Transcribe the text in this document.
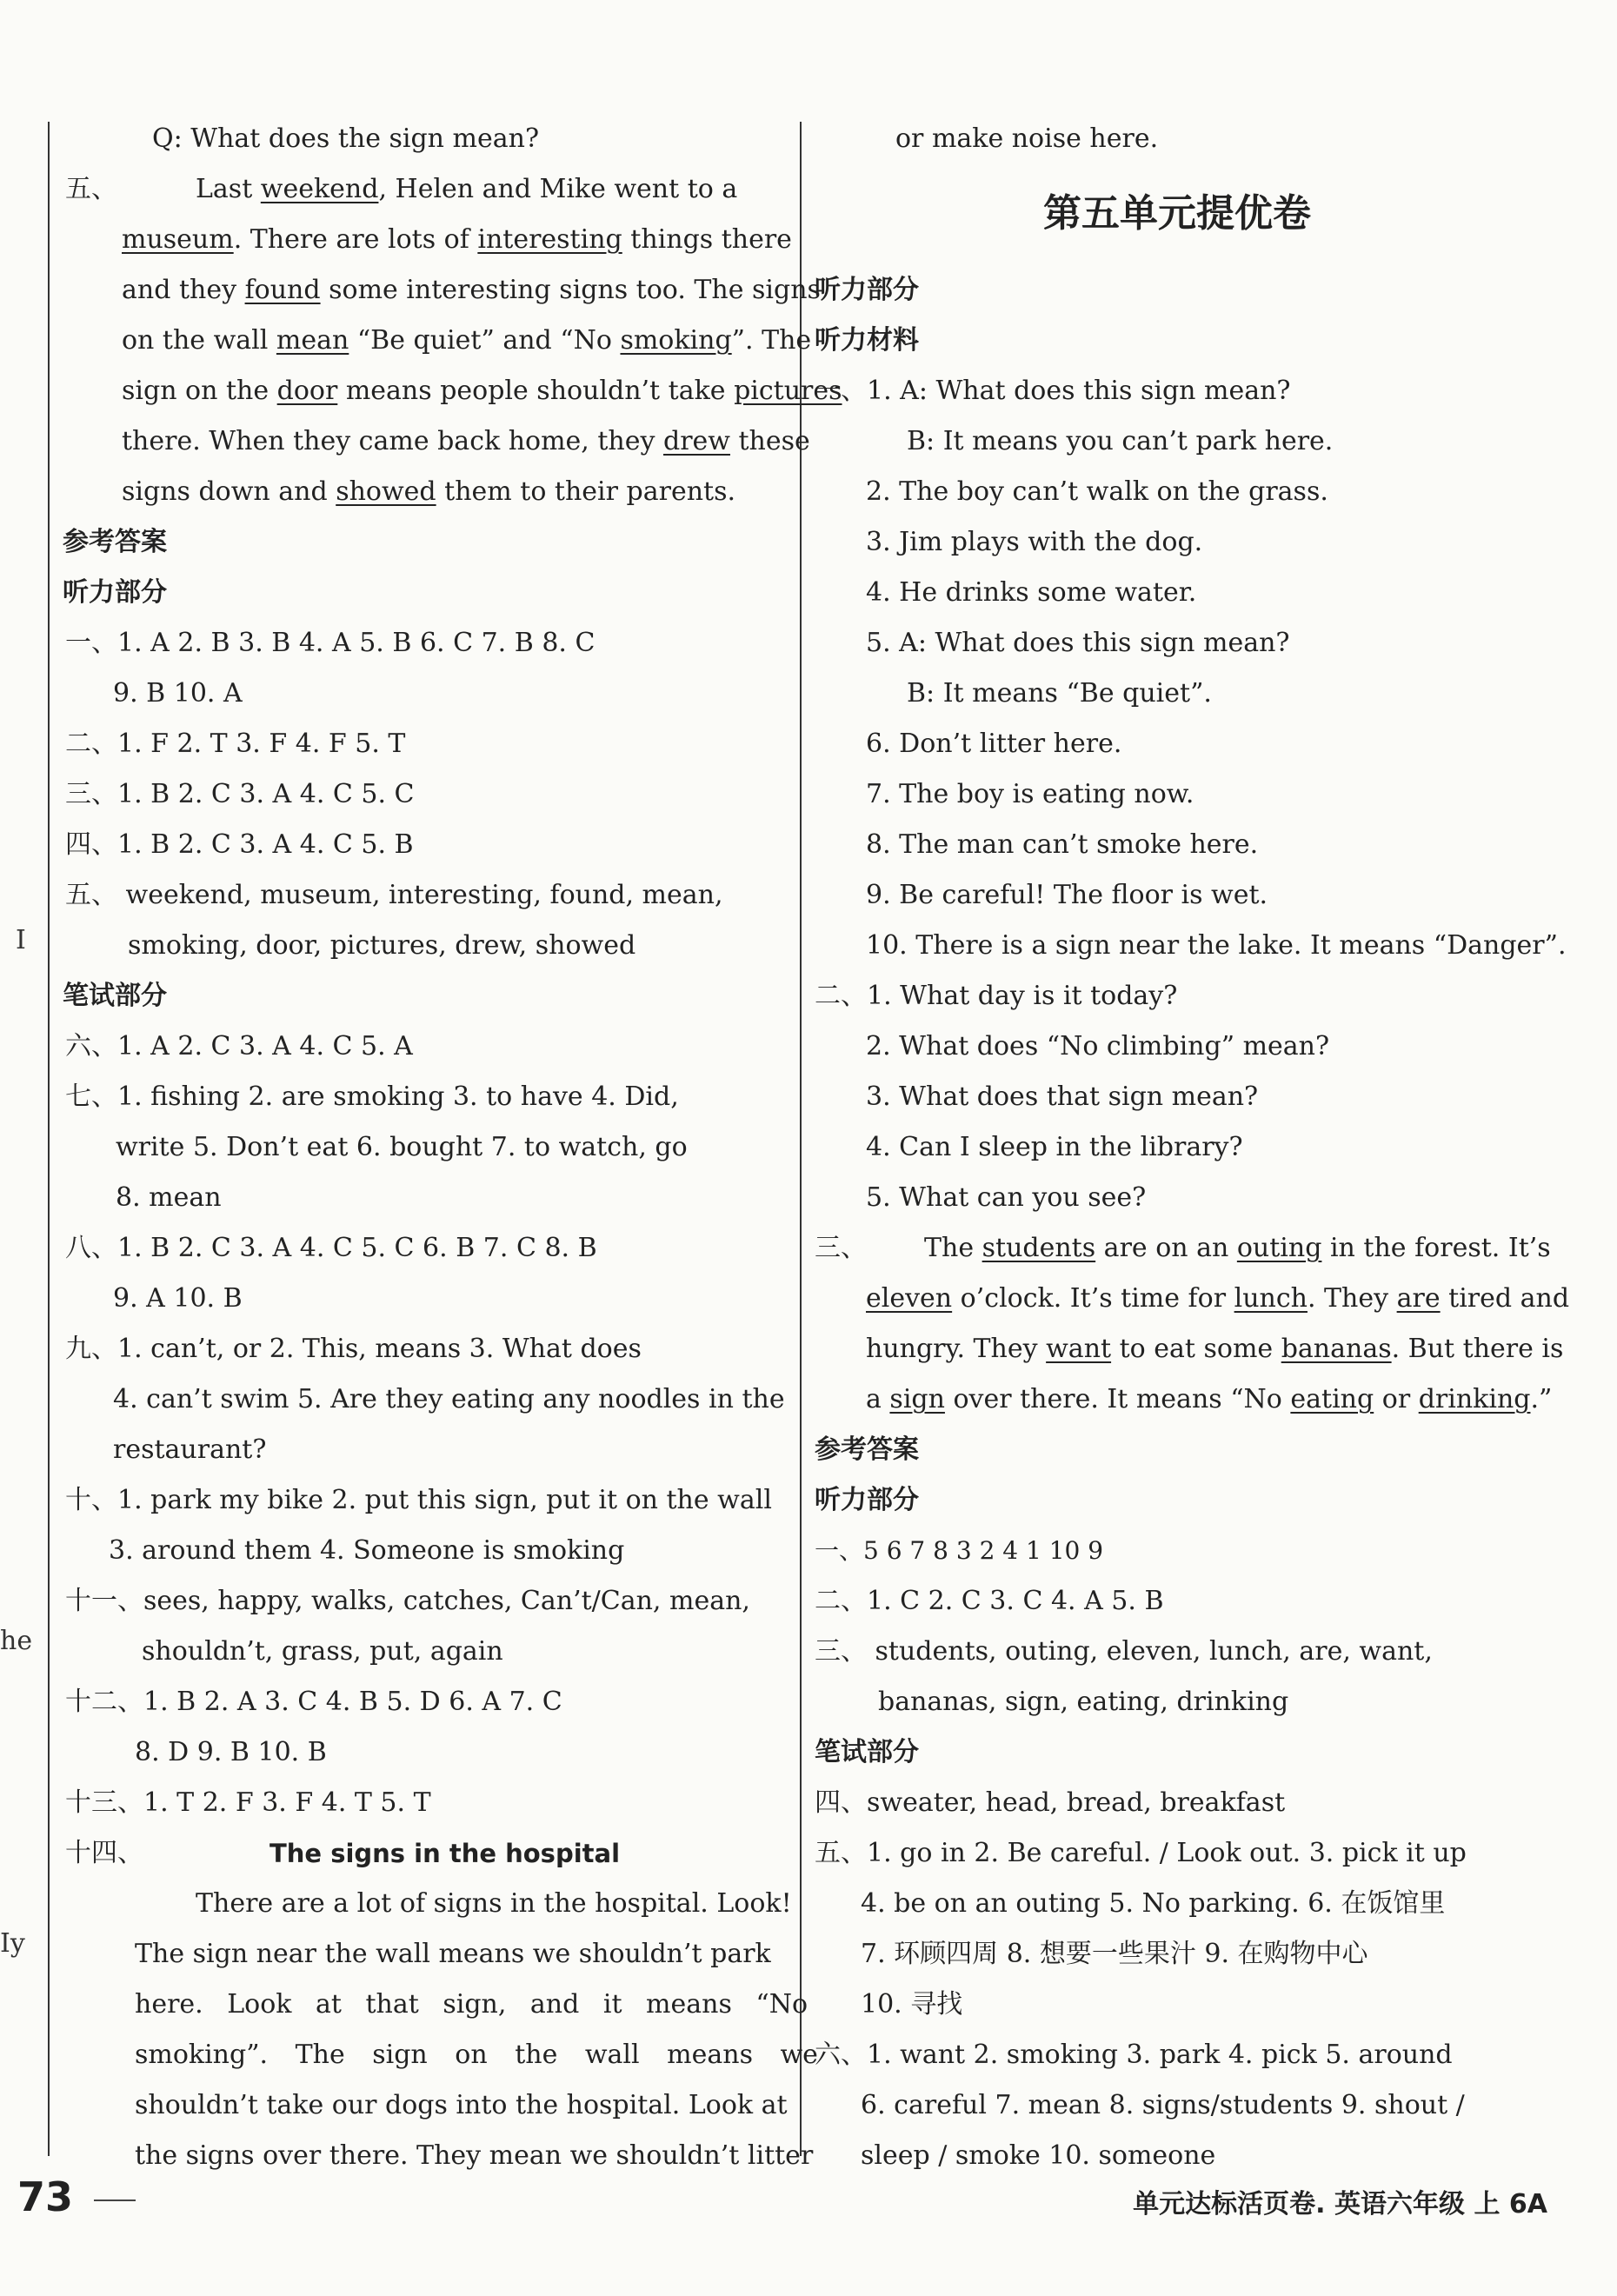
I
he
Iy
Q: What does the sign mean?
五、	Last weekend, Helen and Mike went to a
museum. There are lots of interesting things there
and they found some interesting signs too. The signs
on the wall mean “Be quiet” and “No smoking”. The
sign on the door means people shouldn’t take pictures
there. When they came back home, they drew these
signs down and showed them to their parents.
参考答案
听力部分
一、1. A 2. B 3. B 4. A 5. B 6. C 7. B 8. C
9. B 10. A
二、1. F 2. T 3. F 4. F 5. T
三、1. B 2. C 3. A 4. C 5. C
四、1. B 2. C 3. A 4. C 5. B
五、 weekend, museum, interesting, found, mean,
smoking, door, pictures, drew, showed
笔试部分
六、1. A 2. C 3. A 4. C 5. A
七、1. fishing 2. are smoking 3. to have 4. Did,
write 5. Don’t eat 6. bought 7. to watch, go
8. mean
八、1. B 2. C 3. A 4. C 5. C 6. B 7. C 8. B
9. A 10. B
九、1. can’t, or 2. This, means 3. What does
4. can’t swim 5. Are they eating any noodles in the
restaurant?
十、1. park my bike 2. put this sign, put it on the wall
3. around them 4. Someone is smoking
十一、sees, happy, walks, catches, Can’t/Can, mean,
shouldn’t, grass, put, again
十二、1. B 2. A 3. C 4. B 5. D 6. A 7. C
8. D 9. B 10. B
十三、1. T 2. F 3. F 4. T 5. T
十四、	The signs in the hospital
There are a lot of signs in the hospital. Look!
The sign near the wall means we shouldn’t park
here. Look at that sign, and it means “No
smoking”. The sign on the wall means we
shouldn’t take our dogs into the hospital. Look at
the signs over there. They mean we shouldn’t litter
or make noise here.
第五单元提优卷
听力部分
听力材料
一、1. A: What does this sign mean?
B: It means you can’t park here.
2. The boy can’t walk on the grass.
3. Jim plays with the dog.
4. He drinks some water.
5. A: What does this sign mean?
B: It means “Be quiet”.
6. Don’t litter here.
7. The boy is eating now.
8. The man can’t smoke here.
9. Be careful! The floor is wet.
10. There is a sign near the lake. It means “Danger”.
二、1. What day is it today?
2. What does “No climbing” mean?
3. What does that sign mean?
4. Can I sleep in the library?
5. What can you see?
三、 The students are on an outing in the forest. It’s
eleven o’clock. It’s time for lunch. They are tired and
hungry. They want to eat some bananas. But there is
a sign over there. It means “No eating or drinking.”
参考答案
听力部分
一、5 6 7 8 3 2 4 1 10 9
二、1. C 2. C 3. C 4. A 5. B
三、 students, outing, eleven, lunch, are, want,
bananas, sign, eating, drinking
笔试部分
四、sweater, head, bread, breakfast
五、1. go in 2. Be careful. / Look out. 3. pick it up
4. be on an outing 5. No parking. 6. 在饭馆里
7. 环顾四周 8. 想要一些果汁 9. 在购物中心
10. 寻找
六、1. want 2. smoking 3. park 4. pick 5. around
6. careful 7. mean 8. signs/students 9. shout /
sleep / smoke 10. someone
73	单元达标活页卷. 英语六年级 上 6A
